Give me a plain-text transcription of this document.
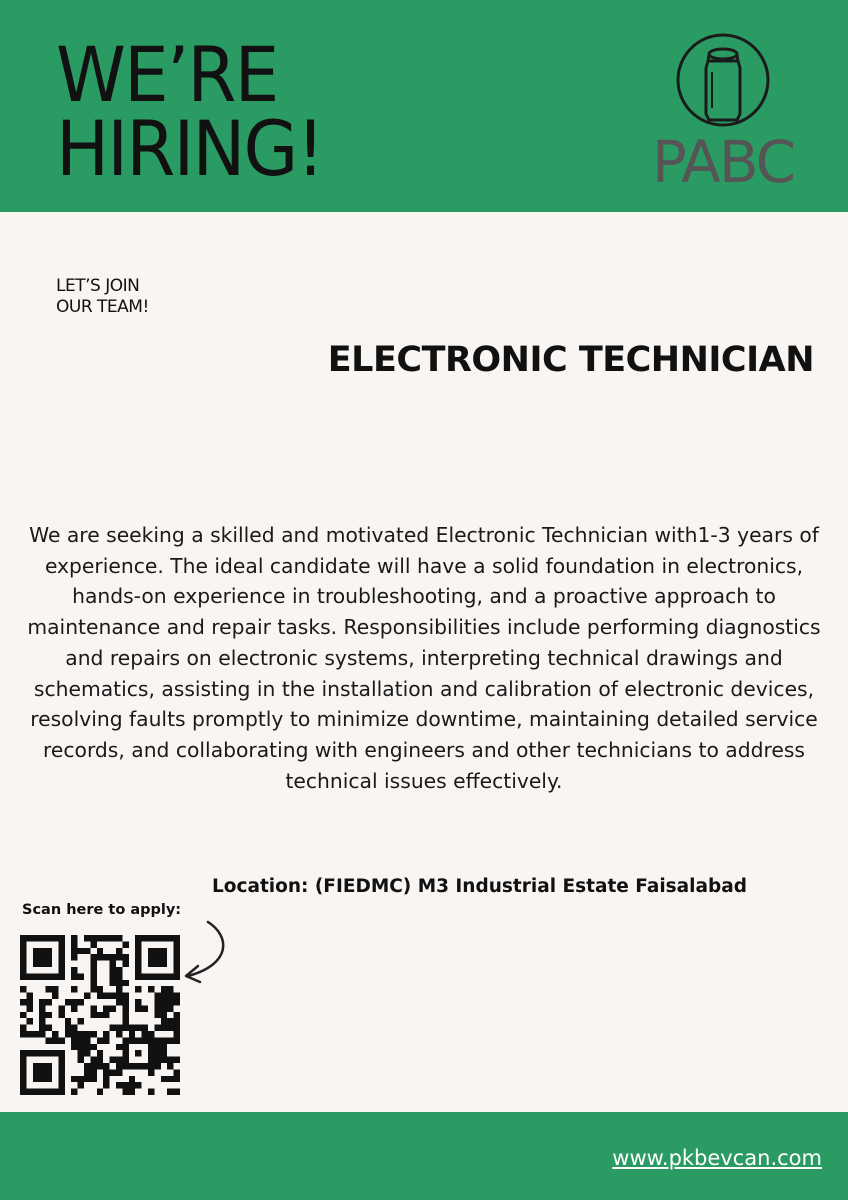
WE’RE
HIRING!	PABC
LET’S JOIN
OUR TEAM!
ELECTRONIC TECHNICIAN

We are seeking a skilled and motivated Electronic Technician with1-3 years of experience. The ideal candidate will have a solid foundation in electronics, hands-on experience in troubleshooting, and a proactive approach to maintenance and repair tasks. Responsibilities include performing diagnostics and repairs on electronic systems, interpreting technical drawings and schematics, assisting in the installation and calibration of electronic devices, resolving faults promptly to minimize downtime, maintaining detailed service records, and collaborating with engineers and other technicians to address technical issues effectively.

Location: (FIEDMC) M3 Industrial Estate Faisalabad
Scan here to apply:
www.pkbevcan.com
